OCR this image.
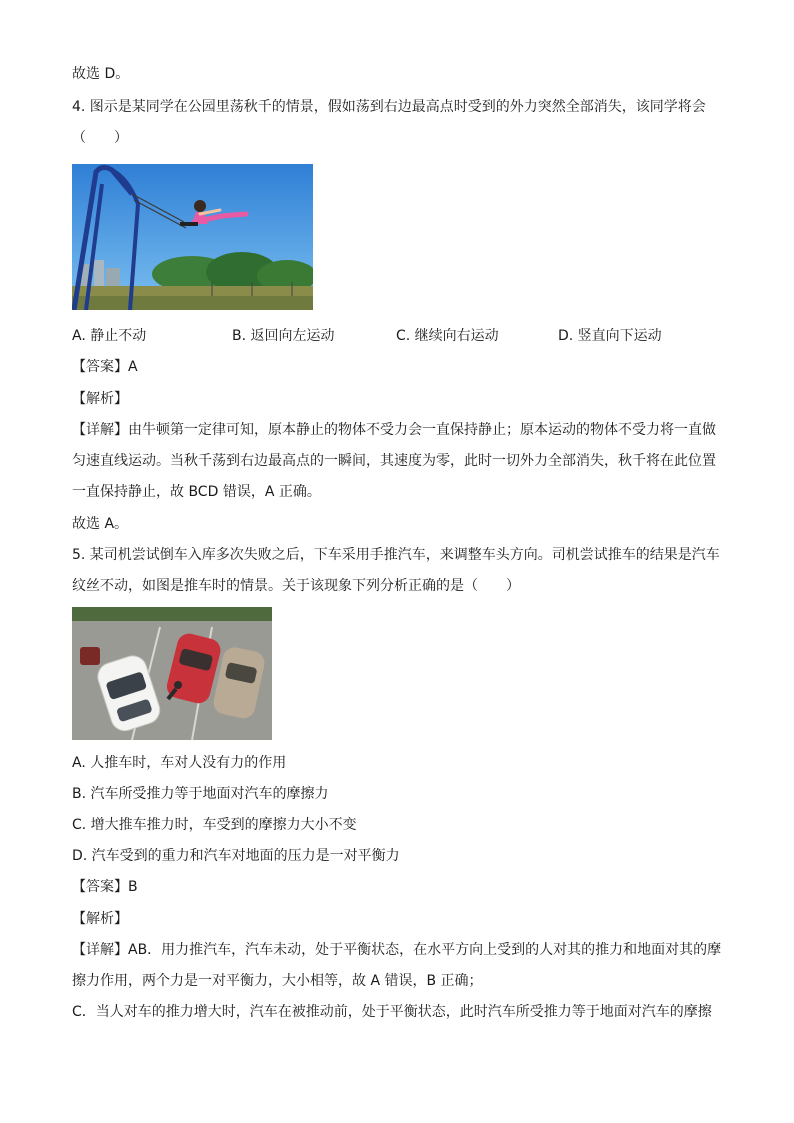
故选 D。
4. 图示是某同学在公园里荡秋千的情景，假如荡到右边最高点时受到的外力突然全部消失，该同学将会
（　　）
A. 静止不动	B. 返回向左运动	C. 继续向右运动	D. 竖直向下运动
【答案】A
【解析】
【详解】由牛顿第一定律可知，原本静止的物体不受力会一直保持静止；原本运动的物体不受力将一直做
匀速直线运动。当秋千荡到右边最高点的一瞬间，其速度为零，此时一切外力全部消失，秋千将在此位置
一直保持静止，故 BCD 错误，A 正确。
故选 A。
5. 某司机尝试倒车入库多次失败之后，下车采用手推汽车，来调整车头方向。司机尝试推车的结果是汽车
纹丝不动，如图是推车时的情景。关于该现象下列分析正确的是（　　）
A. 人推车时，车对人没有力的作用
B. 汽车所受推力等于地面对汽车的摩擦力
C. 增大推车推力时，车受到的摩擦力大小不变
D. 汽车受到的重力和汽车对地面的压力是一对平衡力
【答案】B
【解析】
【详解】AB．用力推汽车，汽车未动，处于平衡状态，在水平方向上受到的人对其的推力和地面对其的摩
擦力作用，两个力是一对平衡力，大小相等，故 A 错误，B 正确；
C．当人对车的推力增大时，汽车在被推动前，处于平衡状态，此时汽车所受推力等于地面对汽车的摩擦
